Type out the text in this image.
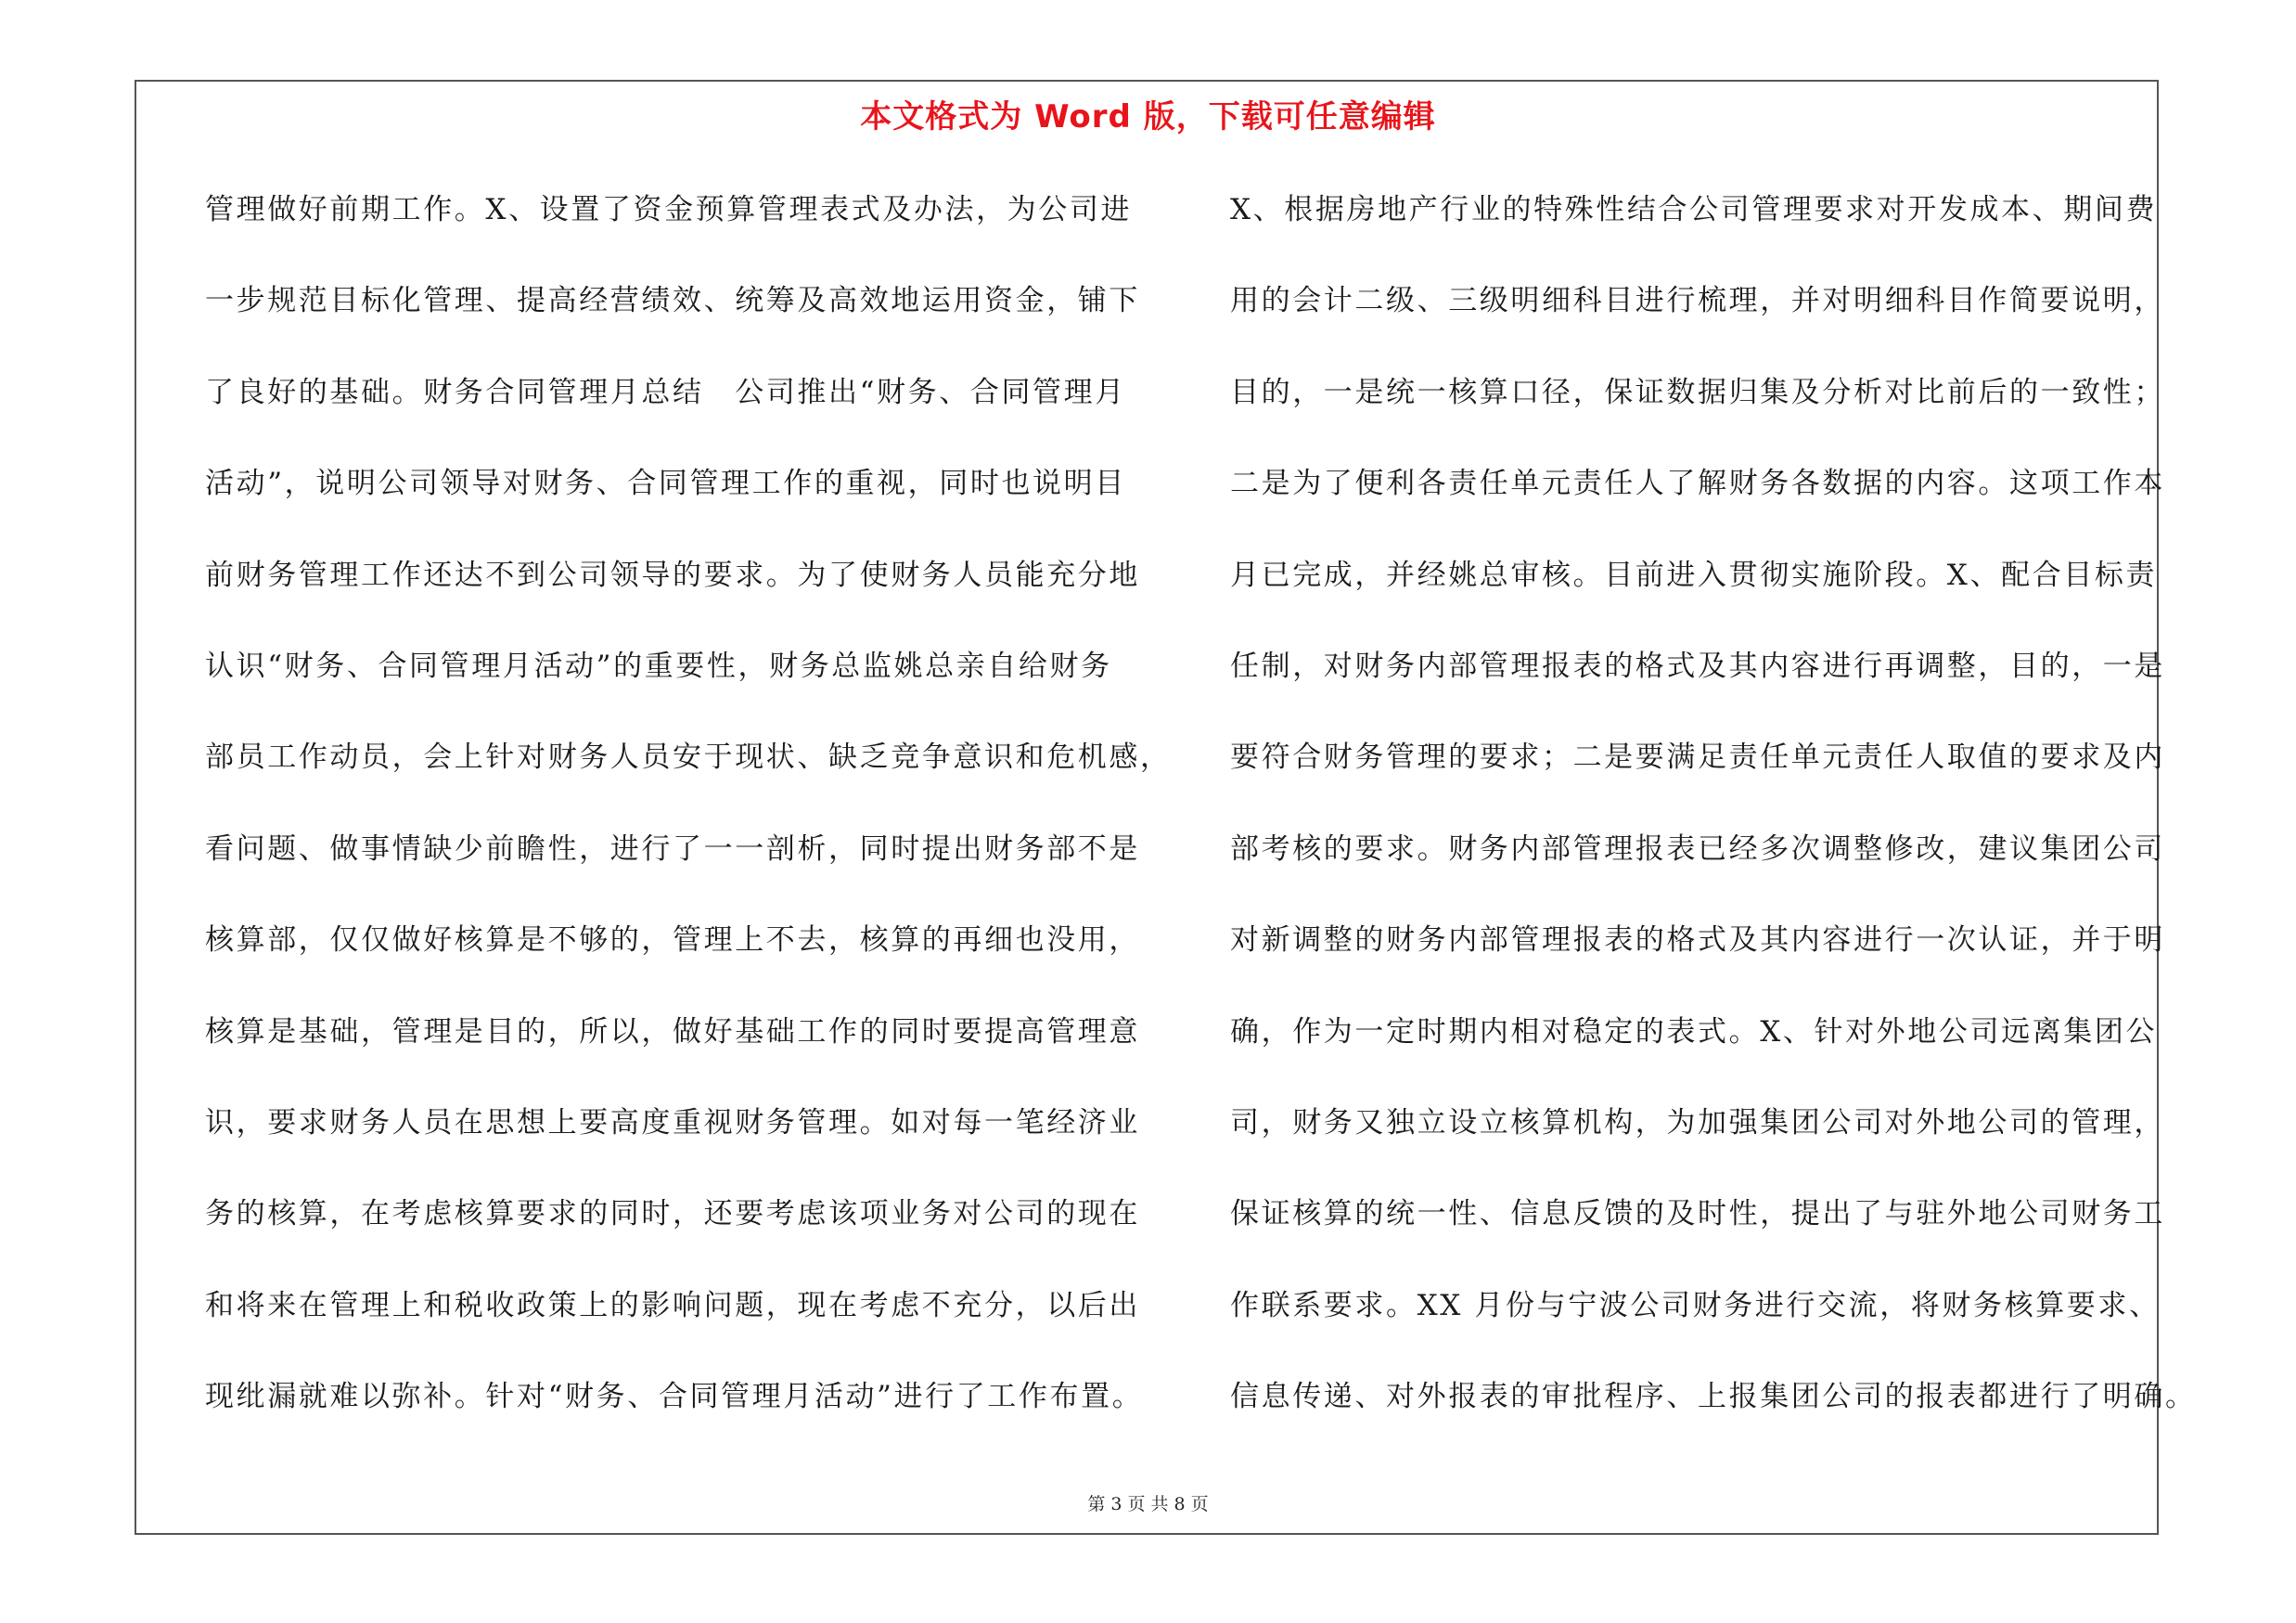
本文格式为 Word 版，下载可任意编辑
管理做好前期工作。X、设置了资金预算管理表式及办法，为公司进
一步规范目标化管理、提高经营绩效、统筹及高效地运用资金，铺下
了良好的基础。财务合同管理月总结　公司推出“财务、合同管理月
活动”，说明公司领导对财务、合同管理工作的重视，同时也说明目
前财务管理工作还达不到公司领导的要求。为了使财务人员能充分地
认识“财务、合同管理月活动”的重要性，财务总监姚总亲自给财务
部员工作动员，会上针对财务人员安于现状、缺乏竞争意识和危机感，
看问题、做事情缺少前瞻性，进行了一一剖析，同时提出财务部不是
核算部，仅仅做好核算是不够的，管理上不去，核算的再细也没用，
核算是基础，管理是目的，所以，做好基础工作的同时要提高管理意
识，要求财务人员在思想上要高度重视财务管理。如对每一笔经济业
务的核算，在考虑核算要求的同时，还要考虑该项业务对公司的现在
和将来在管理上和税收政策上的影响问题，现在考虑不充分，以后出
现纰漏就难以弥补。针对“财务、合同管理月活动”进行了工作布置。
X、根据房地产行业的特殊性结合公司管理要求对开发成本、期间费
用的会计二级、三级明细科目进行梳理，并对明细科目作简要说明，
目的，一是统一核算口径，保证数据归集及分析对比前后的一致性；
二是为了便利各责任单元责任人了解财务各数据的内容。这项工作本
月已完成，并经姚总审核。目前进入贯彻实施阶段。X、配合目标责
任制，对财务内部管理报表的格式及其内容进行再调整，目的，一是
要符合财务管理的要求；二是要满足责任单元责任人取值的要求及内
部考核的要求。财务内部管理报表已经多次调整修改，建议集团公司
对新调整的财务内部管理报表的格式及其内容进行一次认证，并于明
确，作为一定时期内相对稳定的表式。X、针对外地公司远离集团公
司，财务又独立设立核算机构，为加强集团公司对外地公司的管理，
保证核算的统一性、信息反馈的及时性，提出了与驻外地公司财务工
作联系要求。XX 月份与宁波公司财务进行交流，将财务核算要求、
信息传递、对外报表的审批程序、上报集团公司的报表都进行了明确。
第 3 页 共 8 页
